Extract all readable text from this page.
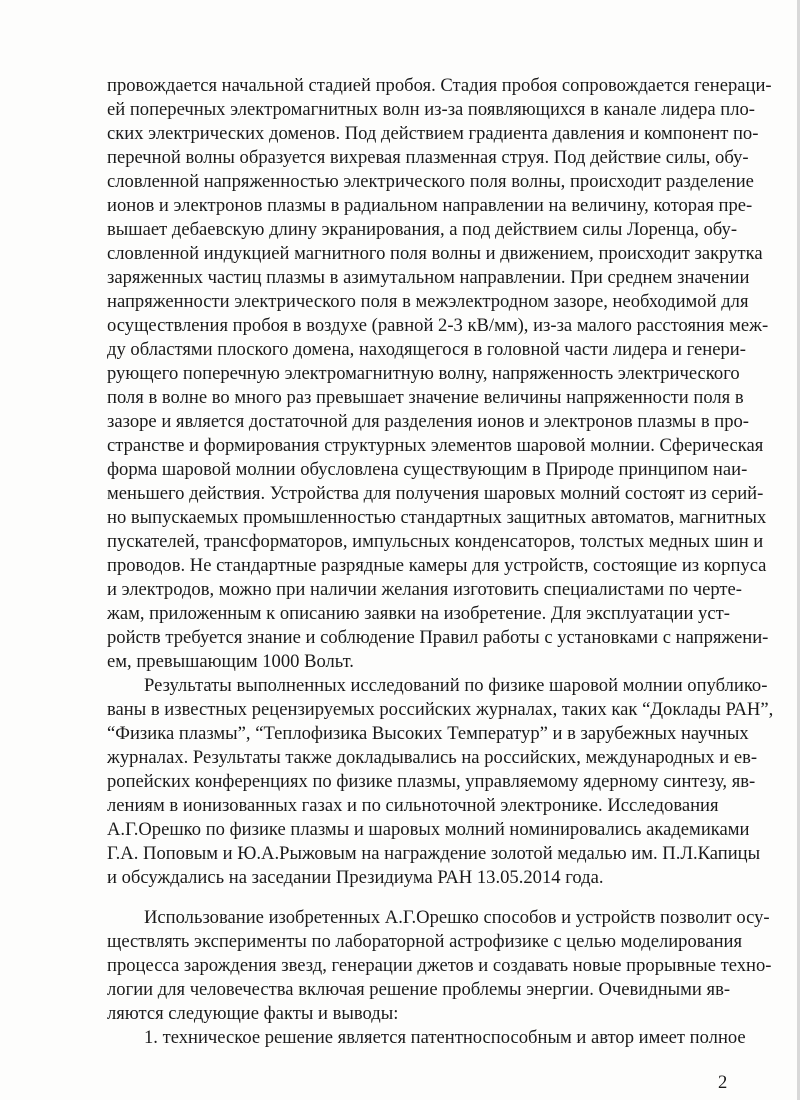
провождается начальной стадией пробоя. Стадия пробоя сопровождается генераци-
ей поперечных электромагнитных волн из-за появляющихся в канале лидера пло-
ских электрических доменов. Под действием градиента давления и компонент по-
перечной волны образуется вихревая плазменная струя. Под действие силы, обу-
словленной напряженностью электрического поля волны, происходит разделение
ионов и электронов плазмы в радиальном направлении на величину, которая пре-
вышает дебаевскую длину экранирования, а под действием силы Лоренца, обу-
словленной индукцией магнитного поля волны и движением, происходит закрутка
заряженных частиц плазмы в азимутальном направлении. При среднем значении
напряженности электрического поля в межэлектродном зазоре, необходимой для
осуществления пробоя в воздухе (равной 2-3 кВ/мм), из-за малого расстояния меж-
ду областями плоского домена, находящегося в головной части лидера и генери-
рующего поперечную электромагнитную волну, напряженность электрического
поля в волне во много раз превышает значение величины напряженности поля в
зазоре и является достаточной для разделения ионов и электронов плазмы в про-
странстве и формирования структурных элементов шаровой молнии. Сферическая
форма шаровой молнии обусловлена существующим в Природе принципом наи-
меньшего действия. Устройства для получения шаровых молний состоят из серий-
но выпускаемых промышленностью стандартных защитных автоматов, магнитных
пускателей, трансформаторов, импульсных конденсаторов, толстых медных шин и
проводов. Не стандартные разрядные камеры для устройств, состоящие из корпуса
и электродов, можно при наличии желания изготовить специалистами по черте-
жам, приложенным к описанию заявки на изобретение. Для эксплуатации уст-
ройств требуется знание и соблюдение Правил работы с установками с напряжени-
ем, превышающим 1000 Вольт.
Результаты выполненных исследований по физике шаровой молнии опублико-
ваны в известных рецензируемых российских журналах, таких как “Доклады РАН”,
“Физика плазмы”, “Теплофизика Высоких Температур” и в зарубежных научных
журналах. Результаты также докладывались на российских, международных и ев-
ропейских конференциях по физике плазмы, управляемому ядерному синтезу, яв-
лениям в ионизованных газах и по сильноточной электронике. Исследования
А.Г.Орешко по физике плазмы и шаровых молний номинировались академиками
Г.А. Поповым и Ю.А.Рыжовым на награждение золотой медалью им. П.Л.Капицы
и обсуждались на заседании Президиума РАН 13.05.2014 года.
Использование изобретенных А.Г.Орешко способов и устройств позволит осу-
ществлять эксперименты по лабораторной астрофизике с целью моделирования
процесса зарождения звезд, генерации джетов и создавать новые прорывные техно-
логии для человечества включая решение проблемы энергии. Очевидными яв-
ляются следующие факты и выводы:
1. техническое решение является патентноспособным и автор имеет полное
2
